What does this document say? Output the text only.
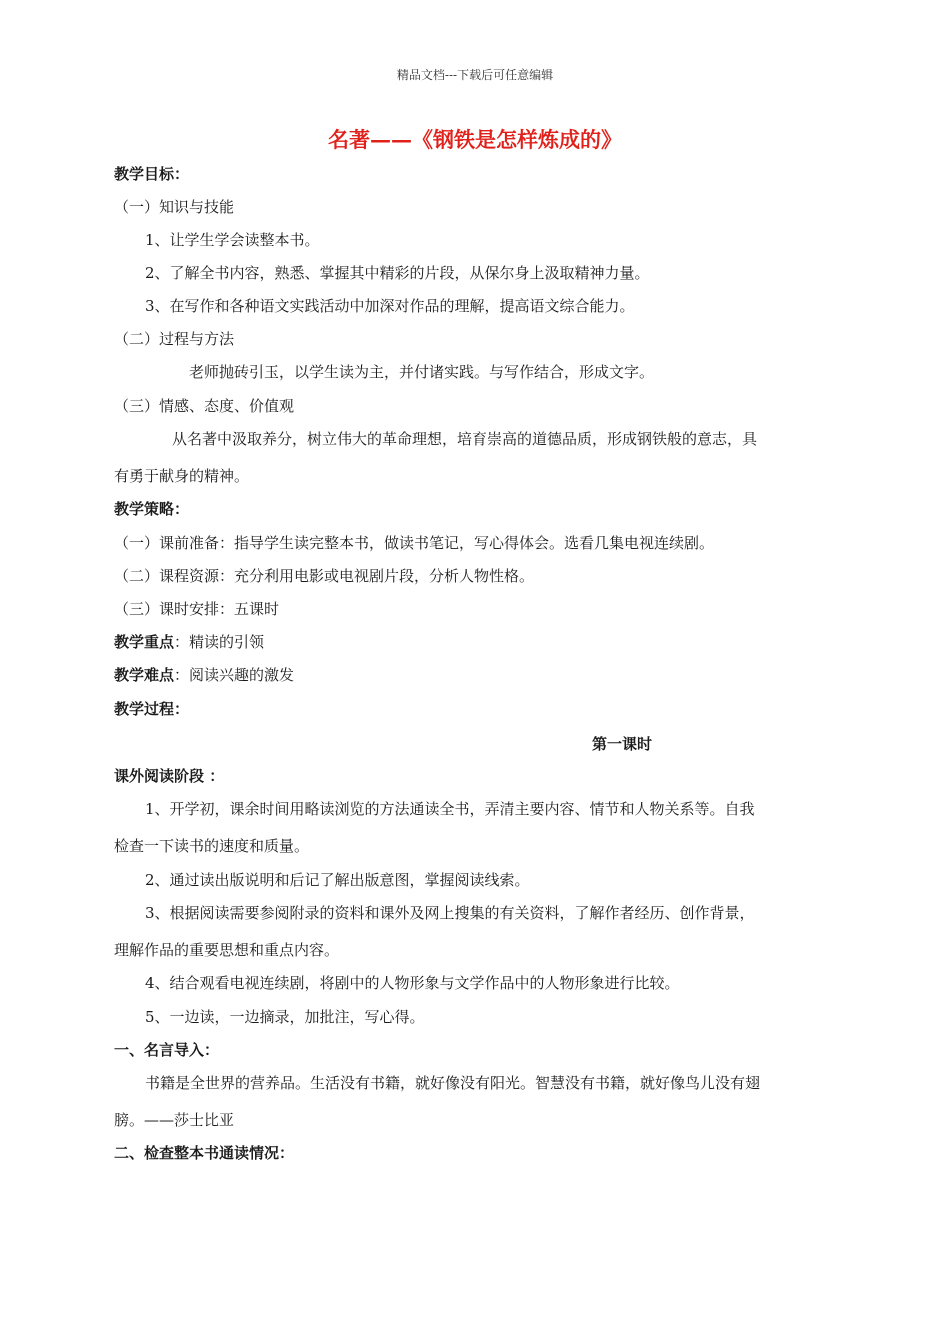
精品文档---下载后可任意编辑
名著——《钢铁是怎样炼成的》
教学目标：
（一）知识与技能
1、让学生学会读整本书。
2、了解全书内容，熟悉、掌握其中精彩的片段，从保尔身上汲取精神力量。
3、在写作和各种语文实践活动中加深对作品的理解，提高语文综合能力。
（二）过程与方法
老师抛砖引玉，以学生读为主，并付诸实践。与写作结合，形成文字。
（三）情感、态度、价值观
从名著中汲取养分，树立伟大的革命理想，培育崇高的道德品质，形成钢铁般的意志，具
有勇于献身的精神。
教学策略：
（一）课前准备：指导学生读完整本书，做读书笔记，写心得体会。选看几集电视连续剧。
（二）课程资源：充分利用电影或电视剧片段，分析人物性格。
（三）课时安排：五课时
教学重点：精读的引领
教学难点：阅读兴趣的激发
教学过程：
第一课时
课外阅读阶段 ：
1、开学初，课余时间用略读浏览的方法通读全书，弄清主要内容、情节和人物关系等。自我
检查一下读书的速度和质量。
2、通过读出版说明和后记了解出版意图，掌握阅读线索。
3、根据阅读需要参阅附录的资料和课外及网上搜集的有关资料，了解作者经历、创作背景，
理解作品的重要思想和重点内容。
4、结合观看电视连续剧，将剧中的人物形象与文学作品中的人物形象进行比较。
5、一边读，一边摘录，加批注，写心得。
一、名言导入：
书籍是全世界的营养品。生活没有书籍，就好像没有阳光。智慧没有书籍，就好像鸟儿没有翅
膀。——莎士比亚
二、检查整本书通读情况：
